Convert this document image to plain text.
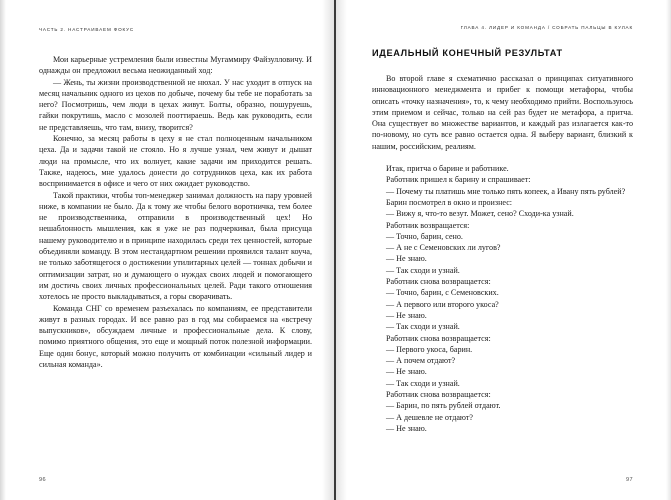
ЧАСТЬ 2. НАСТРАИВАЕМ ФОКУС

Мои карьерные устремления были известны Мугаммиру Файзулловичу. И однажды он предложил весьма неожиданный ход:

— Жень, ты жизни производственной не нюхал. У нас уходит в отпуск на месяц начальник одного из цехов по добыче, почему бы тебе не поработать за него? Посмотришь, чем люди в цехах живут. Болты, образно, пошуруешь, гайки покрутишь, масло с мозолей пооттираешь. Ведь как руководить, если не представляешь, что там, внизу, творится?

Конечно, за месяц работы в цеху я не стал полноценным начальником цеха. Да и задачи такой не стояло. Но я лучше узнал, чем живут и дышат люди на промысле, что их волнует, какие задачи им приходится решать. Также, надеюсь, мне удалось донести до сотрудников цеха, как их работа воспринимается в офисе и чего от них ожидает руководство.

Такой практики, чтобы топ-менеджер занимал должность на пару уровней ниже, в компании не было. Да к тому же чтобы белого воротничка, тем более не производственника, отправили в производственный цех! Но нешаблонность мышления, как я уже не раз подчеркивал, была присуща нашему руководителю и в принципе находилась среди тех ценностей, которые объединяли команду. В этом нестандартном решении проявился талант коуча, не только заботящегося о достижении утилитарных целей — тоннах добычи и оптимизации затрат, но и думающего о нуждах своих людей и помогающего им достичь своих личных профессиональных целей. Ради такого отношения хотелось не просто выкладываться, а горы сворачивать.

Команда СНГ со временем разъехалась по компаниям, ее представители живут в разных городах. И все равно раз в год мы собираемся на «встречу выпускников», обсуждаем личные и профессиональные дела. К слову, помимо приятного общения, это еще и мощный поток полезной информации. Еще один бонус, который можно получить от комбинации «сильный лидер и сильная команда».

96
ГЛАВА 4. ЛИДЕР И КОМАНДА / СОБРАТЬ ПАЛЬЦЫ В КУЛАК
ИДЕАЛЬНЫЙ КОНЕЧНЫЙ РЕЗУЛЬТАТ

Во второй главе я схематично рассказал о принципах ситуативного инновационного менеджмента и прибег к помощи метафоры, чтобы описать «точку назначения», то, к чему необходимо прийти. Воспользуюсь этим приемом и сейчас, только на сей раз будет не метафора, а притча. Она существует во множестве вариантов, и каждый раз излагается как-то по-новому, но суть все равно остается одна. Я выберу вариант, близкий к нашим, российским, реалиям.

Итак, притча о барине и работнике.

Работник пришел к барину и спрашивает:

— Почему ты платишь мне только пять копеек, а Ивану пять рублей?

Барин посмотрел в окно и произнес:

— Вижу я, что-то везут. Может, сено? Сходи-ка узнай.

Работник возвращается:

— Точно, барин, сено.

— А не с Семеновских ли лугов?

— Не знаю.

— Так сходи и узнай.

Работник снова возвращается:

— Точно, барин, с Семеновских.

— А первого или второго укоса?

— Не знаю.

— Так сходи и узнай.

Работник снова возвращается:

— Первого укоса, барин.

— А почем отдают?

— Не знаю.

— Так сходи и узнай.

Работник снова возвращается:

— Барин, по пять рублей отдают.

— А дешевле не отдают?

— Не знаю.

97
